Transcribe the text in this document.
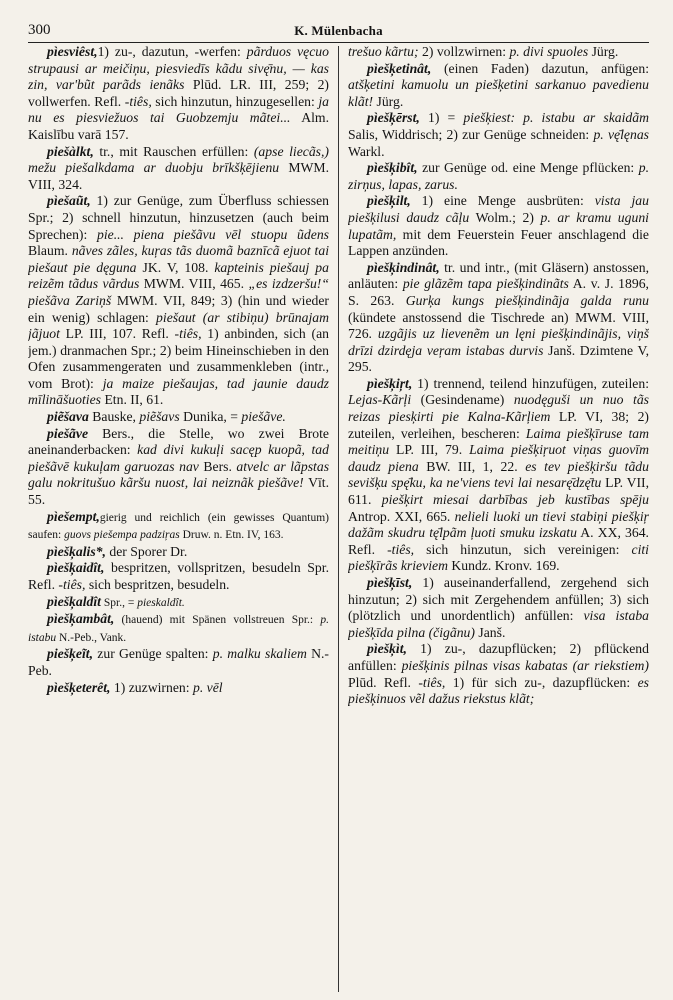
300	K. Mülenbacha

pìesviêst,1) zu-, dazutun, -werfen: pãrduos vęcuo strupausi ar meičiņu, piesviedīs kãdu sivę̄nu, — kas zin, var'bũt parãds ienãks Plūd. LR. III, 259; 2) vollwerfen. Refl. -tiês, sich hinzutun, hinzugesellen: ja nu es piesviežuos tai Guobzemju mãtei... Alm. Kaislību varā 157.

piešàlkt, tr., mit Rauschen erfüllen: (apse liecãs,) mežu piešalkdama ar duobju brīkšķējienu MWM. VIII, 324.

pìešaũt, 1) zur Genüge, zum Überfluss schiessen Spr.; 2) schnell hinzutun, hinzusetzen (auch beim Sprechen): pie... piena piešãvu vēl stuopu ũdens Blaum. nãves zãles, kuŗas tãs duomã baznīcã ejuot tai piešaut pie dęguna JK. V, 108. kapteinis piešauj pa reizẽm tãdus vãrdus MWM. VIII, 465. „es izdzeršu!“ piešãva Zariņš MWM. VII, 849; 3) (hin und wieder ein wenig) schlagen: piešaut (ar stibiņu) brūnajam jãjuot LP. III, 107. Refl. -tiês, 1) anbinden, sich (an jem.) dranmachen Spr.; 2) beim Hineinschieben in den Ofen zusammengeraten und zusammenkleben (intr., vom Brot): ja maize piešaujas, tad jaunie daudz mīlināšuoties Etn. II, 61.

piẽšava Bauske, piẽšavs Dunika, = piešãve.

piešãve Bers., die Stelle, wo zwei Brote aneinanderbacken: kad divi kukuļi sacęp kuopã, tad piešãvē kukuļam garuozas nav Bers. atvelc ar lãpstas galu nokritušuo kãršu nuost, lai neiznãk piešãve! Vīt. 55.

pìešempt,gierig und reichlich (ein gewisses Quantum) saufen: guovs piešempa padziŗas Druw. n. Etn. IV, 163.

pìešķalis*, der Sporer Dr.

pìešķaidît, bespritzen, vollspritzen, besudeln Spr. Refl. -tiês, sich bespritzen, besudeln.

pìešķaldît Spr., = pieskaldît.

pìešķambât, (hauend) mit Spänen vollstreuen Spr.: p. istabu N.-Peb., Vank.

piešķeĩt, zur Genüge spalten: p. malku skaliem N.-Peb.

pìešķeterêt, 1) zuzwirnen: p. vēl

trešuo kãrtu; 2) vollzwirnen: p. divi spuoles Jürg.

pìešķetinât, (einen Faden) dazutun, anfügen: atšķetini kamuolu un piešķetini sarkanuo pavedienu klãt! Jürg.

pìešķērst, 1) = piešķiest: p. istabu ar skaidãm Salis, Widdrisch; 2) zur Genüge schneiden: p. vę̄lęnas Warkl.

pìešķibît, zur Genüge od. eine Menge pflücken: p. zirņus, lapas, zarus.

pìešķilt, 1) eine Menge ausbrüten: vista jau piešķilusi daudz cãļu Wolm.; 2) p. ar kramu uguni lupatãm, mit dem Feuerstein Feuer anschlagend die Lappen anzünden.

pìešķindinât, tr. und intr., (mit Gläsern) anstossen, anläuten: pie glãzẽm tapa piešķindinãts A. v. J. 1896, S. 263. Gurķa kungs piešķindinãja galda runu (kündete anstossend die Tischrede an) MWM. VIII, 726. uzgãjis uz lievenẽm un lęni piešķindinãjis, viņš drīzi dzirdęja veŗam istabas durvis Janš. Dzimtene V, 295.

pìešķiŗt, 1) trennend, teilend hinzufügen, zuteilen: Lejas-Kãrļi (Gesindename) nuodęguši un nuo tãs reizas piesķirti pie Kalna-Kãrļiem LP. VI, 38; 2) zuteilen, verleihen, bescheren: Laima piešķīruse tam meitiņu LP. III, 79. Laima piešķiŗuot viņas guovīm daudz piena BW. III, 1, 22. es tev piešķiršu tãdu sevišķu spę̄ku, ka ne'viens tevi lai nesarę̄dzę̄tu LP. VII, 611. piešķirt miesai darbības jeb kustības spēju Antrop. XXI, 665. nelieli luoki un tievi stabiņi piešķiŗ dažãm skudru tę̄lpãm ļuoti smuku izskatu A. XX, 364. Refl. -tiês, sich hinzutun, sich vereinigen: citi piešķīrãs krieviem Kundz. Kronv. 169.

pìešķīst, 1) auseinanderfallend, zergehend sich hinzutun; 2) sich mit Zergehendem anfüllen; 3) sich (plötzlich und unordentlich) anfüllen: visa istaba piešķīda pilna (čigãnu) Janš.

pìešķìt, 1) zu-, dazupflücken; 2) pflückend anfüllen: piešķinis pilnas visas kabatas (ar riekstiem) Plūd. Refl. -tiês, 1) für sich zu-, dazupflücken: es piešķinuos vẽl dažus riekstus klãt;
